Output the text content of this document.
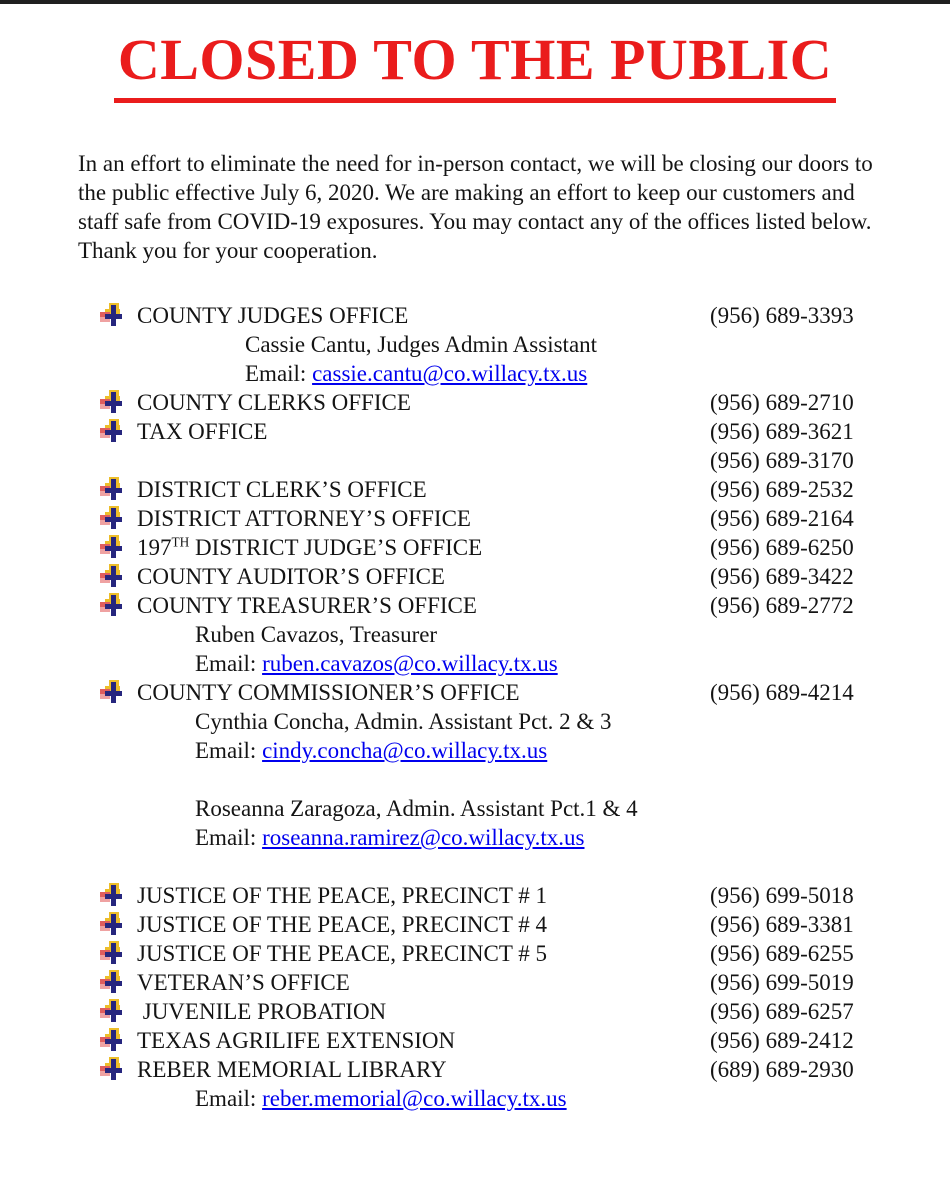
CLOSED TO THE PUBLIC

In an effort to eliminate the need for in-person contact, we will be closing our doors to the public effective July 6, 2020. We are making an effort to keep our customers and staff safe from COVID-19 exposures. You may contact any of the offices listed below. Thank you for your cooperation.

COUNTY JUDGES OFFICE	(956) 689-3393
Cassie Cantu, Judges Admin Assistant
Email: cassie.cantu@co.willacy.tx.us
COUNTY CLERKS OFFICE	(956) 689-2710
TAX OFFICE	(956) 689-3621
(956) 689-3170
DISTRICT CLERK’S OFFICE	(956) 689-2532
DISTRICT ATTORNEY’S OFFICE	(956) 689-2164
197TH DISTRICT JUDGE’S OFFICE	(956) 689-6250
COUNTY AUDITOR’S OFFICE	(956) 689-3422
COUNTY TREASURER’S OFFICE	(956) 689-2772
Ruben Cavazos, Treasurer
Email: ruben.cavazos@co.willacy.tx.us
COUNTY COMMISSIONER’S OFFICE	(956) 689-4214
Cynthia Concha, Admin. Assistant Pct. 2 & 3
Email: cindy.concha@co.willacy.tx.us
Roseanna Zaragoza, Admin. Assistant Pct.1 & 4
Email: roseanna.ramirez@co.willacy.tx.us
JUSTICE OF THE PEACE, PRECINCT # 1	(956) 699-5018
JUSTICE OF THE PEACE, PRECINCT # 4	(956) 689-3381
JUSTICE OF THE PEACE, PRECINCT # 5	(956) 689-6255
VETERAN’S OFFICE	(956) 699-5019
JUVENILE PROBATION	(956) 689-6257
TEXAS AGRILIFE EXTENSION	(956) 689-2412
REBER MEMORIAL LIBRARY	(689) 689-2930
Email: reber.memorial@co.willacy.tx.us
